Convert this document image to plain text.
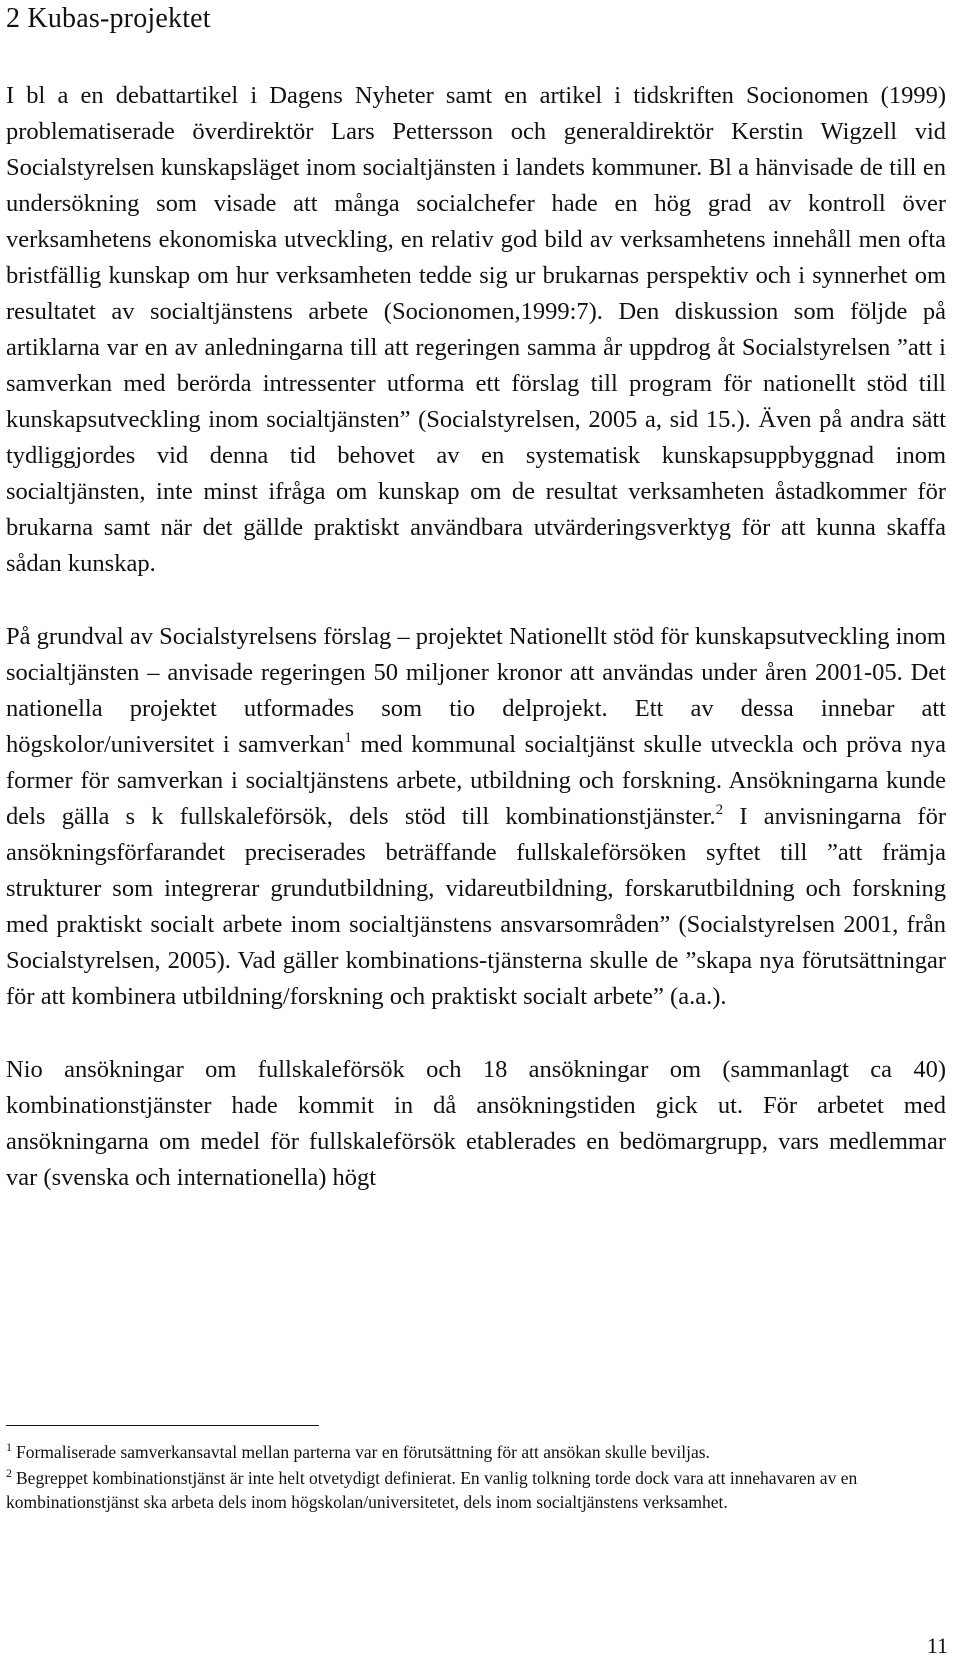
2 Kubas-projektet

I bl a en debattartikel i Dagens Nyheter samt en artikel i tidskriften Socionomen (1999) problematiserade överdirektör Lars Pettersson och generaldirektör Kerstin Wigzell vid Socialstyrelsen kunskapsläget inom socialtjänsten i landets kommuner. Bl a hänvisade de till en undersökning som visade att många socialchefer hade en hög grad av kontroll över verksamhetens ekonomiska utveckling, en relativ god bild av verksamhetens innehåll men ofta bristfällig kunskap om hur verksamheten tedde sig ur brukarnas perspektiv och i synnerhet om resultatet av socialtjänstens arbete (Socionomen,1999:7). Den diskussion som följde på artiklarna var en av anledningarna till att regeringen samma år uppdrog åt Socialstyrelsen ”att i samverkan med berörda intressenter utforma ett förslag till program för nationellt stöd till kunskapsutveckling inom socialtjänsten” (Socialstyrelsen, 2005 a, sid 15.). Även på andra sätt tydliggjordes vid denna tid behovet av en systematisk kunskapsuppbyggnad inom socialtjänsten, inte minst ifråga om kunskap om de resultat verksamheten åstadkommer för brukarna samt när det gällde praktiskt användbara utvärderingsverktyg för att kunna skaffa sådan kunskap.

På grundval av Socialstyrelsens förslag – projektet Nationellt stöd för kunskapsutveckling inom socialtjänsten – anvisade regeringen 50 miljoner kronor att användas under åren 2001-05. Det nationella projektet utformades som tio delprojekt. Ett av dessa innebar att högskolor/universitet i samverkan$^1$ med kommunal socialtjänst skulle utveckla och pröva nya former för samverkan i socialtjänstens arbete, utbildning och forskning. Ansökningarna kunde dels gälla s k fullskaleförsök, dels stöd till kombinationstjänster.$^2$ I anvisningarna för ansökningsförfarandet preciserades beträffande fullskaleförsöken syftet till ”att främja strukturer som integrerar grundutbildning, vidareutbildning, forskarutbildning och forskning med praktiskt socialt arbete inom socialtjänstens ansvarsområden” (Socialstyrelsen 2001, från Socialstyrelsen, 2005). Vad gäller kombinations-tjänsterna skulle de ”skapa nya förutsättningar för att kombinera utbildning/forskning och praktiskt socialt arbete” (a.a.).

Nio ansökningar om fullskaleförsök och 18 ansökningar om (sammanlagt ca 40) kombinationstjänster hade kommit in då ansökningstiden gick ut. För arbetet med ansökningarna om medel för fullskaleförsök etablerades en bedömargrupp, vars medlemmar var (svenska och internationella) högt

$^1$ Formaliserade samverkansavtal mellan parterna var en förutsättning för att ansökan skulle beviljas.

$^2$ Begreppet kombinationstjänst är inte helt otvetydigt definierat. En vanlig tolkning torde dock vara att innehavaren av en kombinationstjänst ska arbeta dels inom högskolan/universitetet, dels inom socialtjänstens verksamhet.

11
